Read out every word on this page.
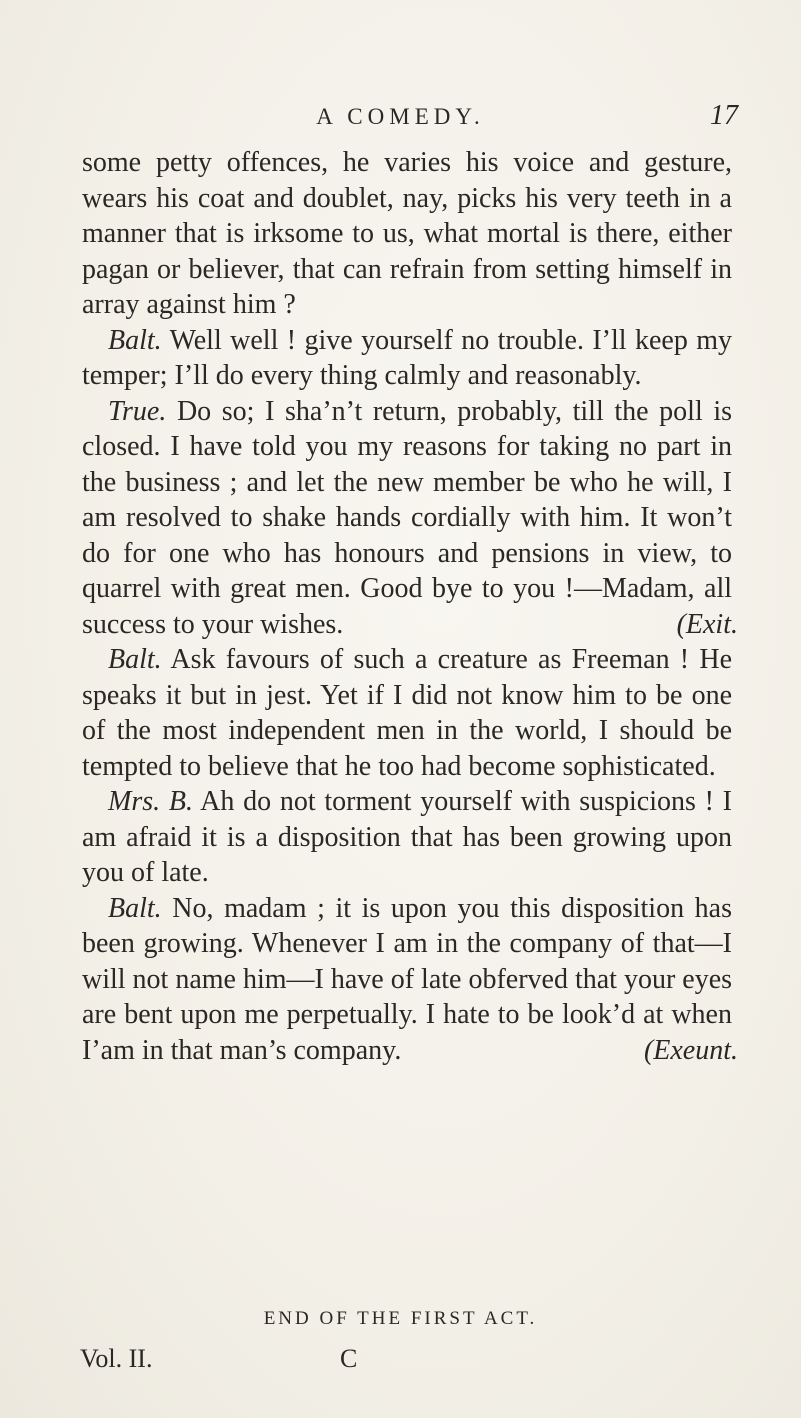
A COMEDY.	17

some petty offences, he varies his voice and gesture, wears his coat and doublet, nay, picks his very teeth in a manner that is irksome to us, what mortal is there, either pagan or believer, that can refrain from setting himself in array against him ?

Balt. Well well ! give yourself no trouble. I’ll keep my temper; I’ll do every thing calmly and reasonably.

True. Do so; I sha’n’t return, probably, till the poll is closed. I have told you my reasons for taking no part in the business ; and let the new member be who he will, I am resolved to shake hands cordially with him. It won’t do for one who has honours and pensions in view, to quarrel with great men. Good bye to you !—Madam, all success to your wishes.	(Exit.

Balt. Ask favours of such a creature as Freeman ! He speaks it but in jest. Yet if I did not know him to be one of the most independent men in the world, I should be tempted to believe that he too had become sophisticated.

Mrs. B. Ah do not torment yourself with suspicions ! I am afraid it is a disposition that has been growing upon you of late.

Balt. No, madam ; it is upon you this disposition has been growing. Whenever I am in the company of that—I will not name him—I have of late obferved that your eyes are bent upon me perpetually. I hate to be look’d at when I’am in that man’s company.	(Exeunt.

END OF THE FIRST ACT.
Vol. II.	C
